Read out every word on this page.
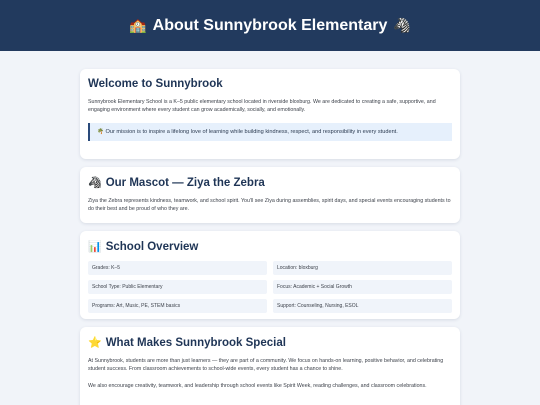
🏫 About Sunnybrook Elementary 🦓
Welcome to Sunnybrook

Sunnybrook Elementary School is a K–5 public elementary school located in riverside bloxburg. We are dedicated to creating a safe, supportive, and engaging environment where every student can grow academically, socially, and emotionally.

🌴 Our mission is to inspire a lifelong love of learning while building kindness, respect, and responsibility in every student.
🦓 Our Mascot — Ziya the Zebra

Ziya the Zebra represents kindness, teamwork, and school spirit. You'll see Ziya during assemblies, spirit days, and special events encouraging students to do their best and be proud of who they are.

📊 School Overview
Grades: K–5	Location: bloxburg
School Type: Public Elementary	Focus: Academic + Social Growth
Programs: Art, Music, PE, STEM basics	Support: Counseling, Nursing, ESOL
⭐ What Makes Sunnybrook Special

At Sunnybrook, students are more than just learners — they are part of a community. We focus on hands-on learning, positive behavior, and celebrating student success. From classroom achievements to school-wide events, every student has a chance to shine.

We also encourage creativity, teamwork, and leadership through school events like Spirit Week, reading challenges, and classroom celebrations.
